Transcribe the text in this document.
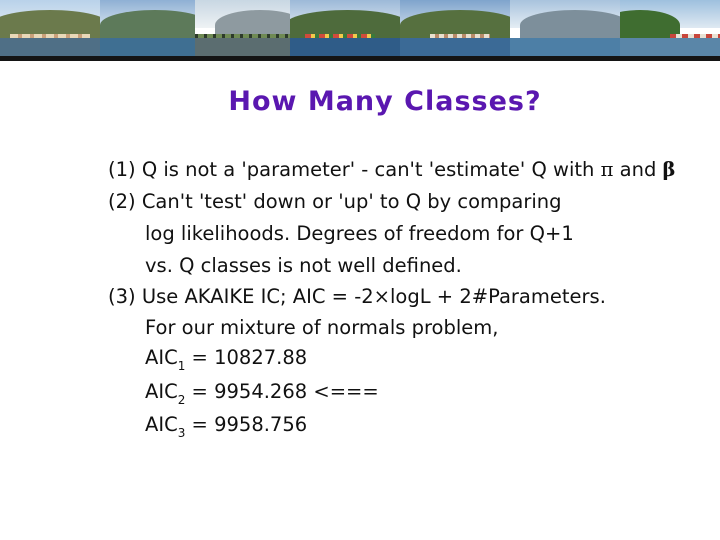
How Many Classes?
(1) Q is not a 'parameter' - can't 'estimate' Q with π and β
(2) Can't 'test' down or 'up' to Q by comparing
log likelihoods. Degrees of freedom for Q+1
vs. Q classes is not well defined.
(3) Use AKAIKE IC; AIC = -2×logL + 2#Parameters.
For our mixture of normals problem,
$AIC_1 = 10827.88$
$AIC_2 = 9954.268$ <===
$AIC_3 = 9958.756$
